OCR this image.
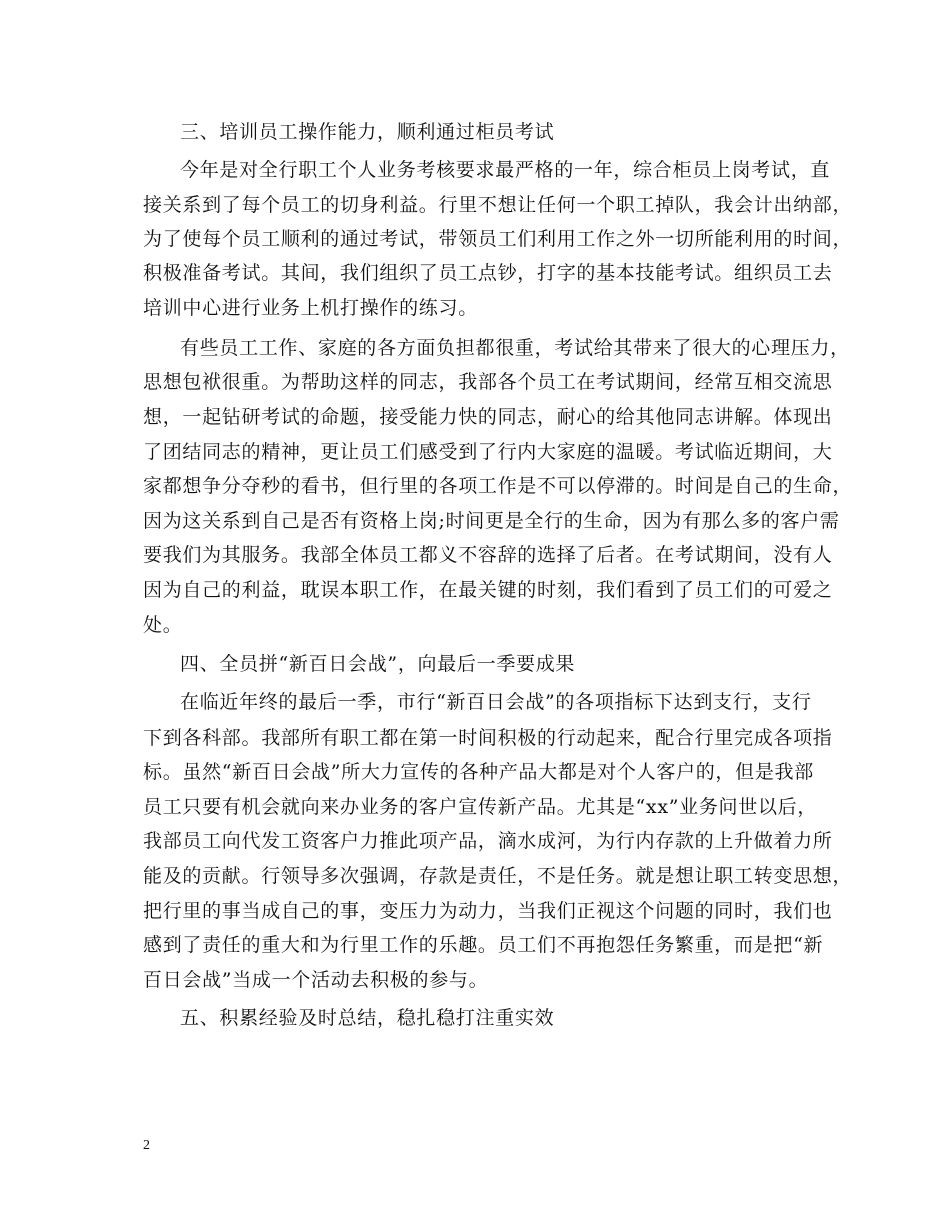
三、培训员工操作能力，顺利通过柜员考试

今年是对全行职工个人业务考核要求最严格的一年，综合柜员上岗考试，直

接关系到了每个员工的切身利益。行里不想让任何一个职工掉队，我会计出纳部，

为了使每个员工顺利的通过考试，带领员工们利用工作之外一切所能利用的时间，

积极准备考试。其间，我们组织了员工点钞，打字的基本技能考试。组织员工去

培训中心进行业务上机打操作的练习。

有些员工工作、家庭的各方面负担都很重，考试给其带来了很大的心理压力，

思想包袱很重。为帮助这样的同志，我部各个员工在考试期间，经常互相交流思

想，一起钻研考试的命题，接受能力快的同志，耐心的给其他同志讲解。体现出

了团结同志的精神，更让员工们感受到了行内大家庭的温暖。考试临近期间，大

家都想争分夺秒的看书，但行里的各项工作是不可以停滞的。时间是自己的生命，

因为这关系到自己是否有资格上岗;时间更是全行的生命，因为有那么多的客户需

要我们为其服务。我部全体员工都义不容辞的选择了后者。在考试期间，没有人

因为自己的利益，耽误本职工作，在最关键的时刻，我们看到了员工们的可爱之

处。

四、全员拼“新百日会战”，向最后一季要成果

在临近年终的最后一季，市行“新百日会战”的各项指标下达到支行，支行

下到各科部。我部所有职工都在第一时间积极的行动起来，配合行里完成各项指

标。虽然“新百日会战”所大力宣传的各种产品大都是对个人客户的，但是我部

员工只要有机会就向来办业务的客户宣传新产品。尤其是“xx”业务问世以后，

我部员工向代发工资客户力推此项产品，滴水成河，为行内存款的上升做着力所

能及的贡献。行领导多次强调，存款是责任，不是任务。就是想让职工转变思想，

把行里的事当成自己的事，变压力为动力，当我们正视这个问题的同时，我们也

感到了责任的重大和为行里工作的乐趣。员工们不再抱怨任务繁重，而是把“新

百日会战”当成一个活动去积极的参与。

五、积累经验及时总结，稳扎稳打注重实效

2
